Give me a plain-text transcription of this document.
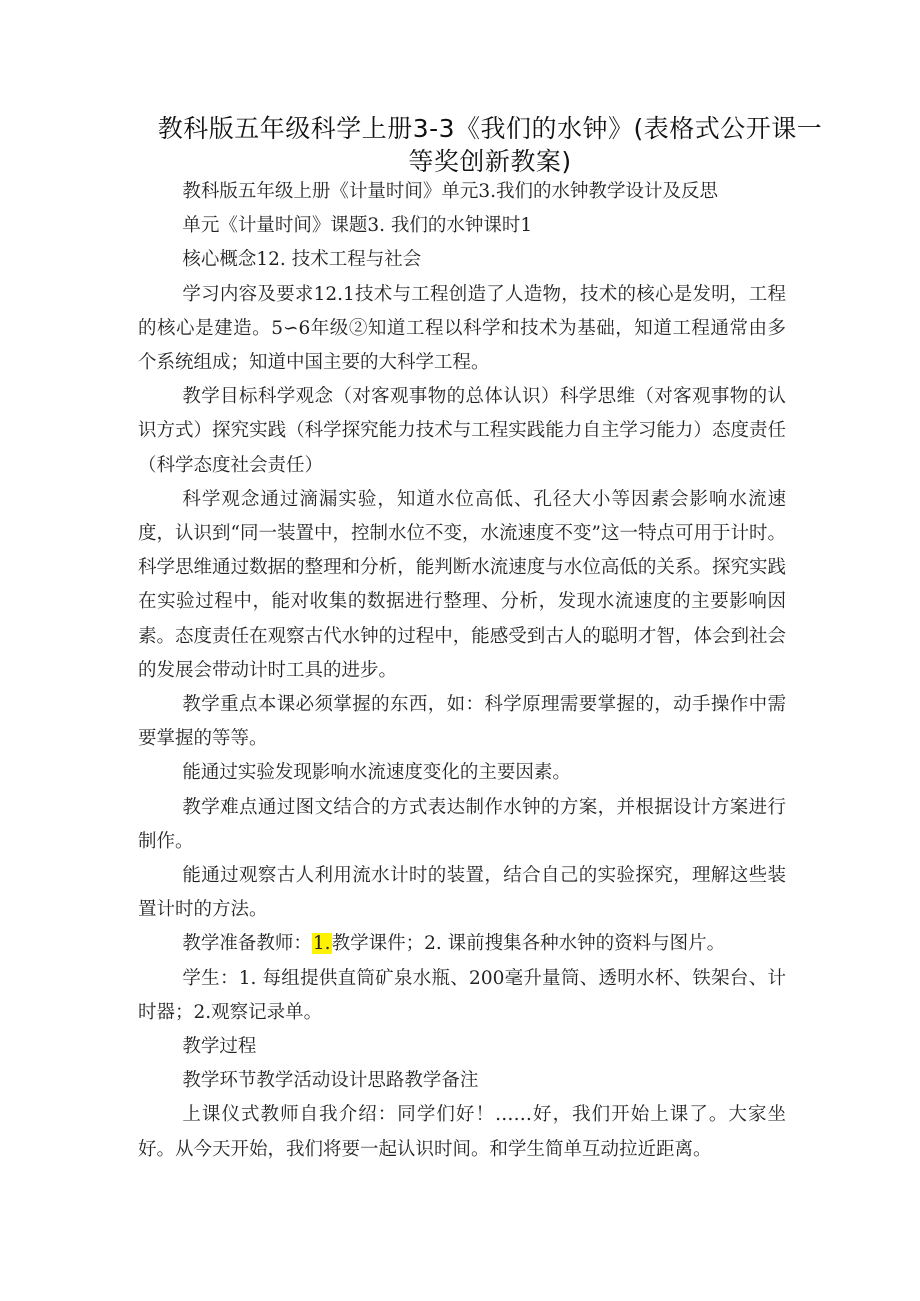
教科版五年级科学上册3-3《我们的水钟》(表格式公开课一等奖创新教案)

教科版五年级上册《计量时间》单元3.我们的水钟教学设计及反思

单元《计量时间》课题3. 我们的水钟课时1

核心概念12. 技术工程与社会

学习内容及要求12.1技术与工程创造了人造物，技术的核心是发明，工程的核心是建造。5∽6年级②知道工程以科学和技术为基础，知道工程通常由多个系统组成；知道中国主要的大科学工程。

教学目标科学观念（对客观事物的总体认识）科学思维（对客观事物的认识方式）探究实践（科学探究能力技术与工程实践能力自主学习能力）态度责任（科学态度社会责任）

科学观念通过滴漏实验，知道水位高低、孔径大小等因素会影响水流速度，认识到“同一装置中，控制水位不变，水流速度不变”这一特点可用于计时。科学思维通过数据的整理和分析，能判断水流速度与水位高低的关系。探究实践在实验过程中，能对收集的数据进行整理、分析，发现水流速度的主要影响因素。态度责任在观察古代水钟的过程中，能感受到古人的聪明才智，体会到社会的发展会带动计时工具的进步。

教学重点本课必须掌握的东西，如：科学原理需要掌握的，动手操作中需要掌握的等等。

能通过实验发现影响水流速度变化的主要因素。

教学难点通过图文结合的方式表达制作水钟的方案，并根据设计方案进行制作。

能通过观察古人利用流水计时的装置，结合自己的实验探究，理解这些装置计时的方法。

教学准备教师：1.教学课件；2. 课前搜集各种水钟的资料与图片。

学生：1. 每组提供直筒矿泉水瓶、200毫升量筒、透明水杯、铁架台、计时器；2.观察记录单。

教学过程

教学环节教学活动设计思路教学备注

上课仪式教师自我介绍：同学们好！……好，我们开始上课了。大家坐好。从今天开始，我们将要一起认识时间。和学生简单互动拉近距离。
